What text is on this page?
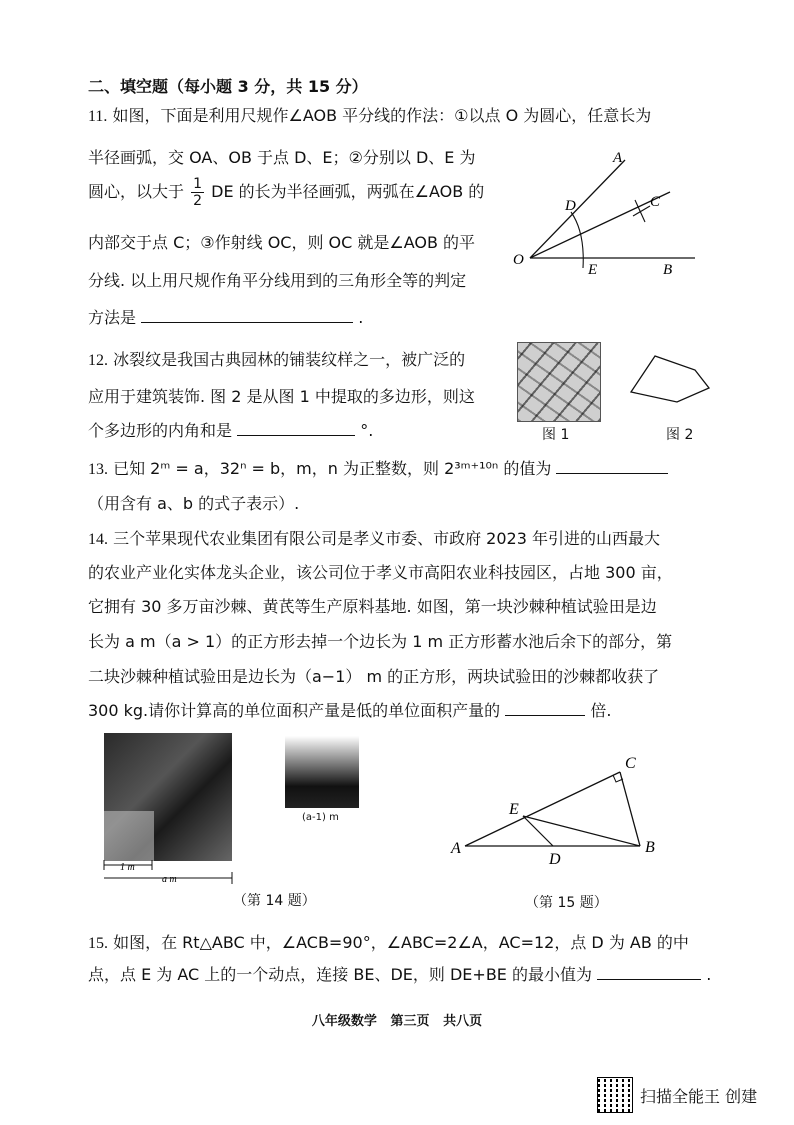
二、填空题（每小题 3 分，共 15 分）
11. 如图，下面是利用尺规作∠AOB 平分线的作法：①以点 O 为圆心，任意长为
半径画弧，交 OA、OB 于点 D、E；②分别以 D、E 为
圆心，以大于 $\frac{1}{2}$ DE 的长为半径画弧，两弧在∠AOB 的
内部交于点 C；③作射线 OC，则 OC 就是∠AOB 的平
分线. 以上用尺规作角平分线用到的三角形全等的判定
方法是	.
A
C
D
O
E	B
12. 冰裂纹是我国古典园林的铺装纹样之一，被广泛的
应用于建筑装饰. 图 2 是从图 1 中提取的多边形，则这
个多边形的内角和是	°.	图 1	图 2
13. 已知 2ᵐ = a，32ⁿ = b，m，n 为正整数，则 2³ᵐ⁺¹⁰ⁿ 的值为
（用含有 a、b 的式子表示）.
14. 三个苹果现代农业集团有限公司是孝义市委、市政府 2023 年引进的山西最大
的农业产业化实体龙头企业，该公司位于孝义市高阳农业科技园区，占地 300 亩，
它拥有 30 多万亩沙棘、黄芪等生产原料基地. 如图，第一块沙棘种植试验田是边
长为 a m（a > 1）的正方形去掉一个边长为 1 m 正方形蓄水池后余下的部分，第
二块沙棘种植试验田是边长为（a−1） m 的正方形，两块试验田的沙棘都收获了
300 kg.请你计算高的单位面积产量是低的单位面积产量的	倍.
1 m
a m
(a-1) m
（第 14 题）
A	B
C
D
E
（第 15 题）
15. 如图，在 Rt△ABC 中，∠ACB=90°，∠ABC=2∠A，AC=12，点 D 为 AB 的中
点，点 E 为 AC 上的一个动点，连接 BE、DE，则 DE+BE 的最小值为	.
八年级数学   第三页   共八页
扫描全能王 创建
